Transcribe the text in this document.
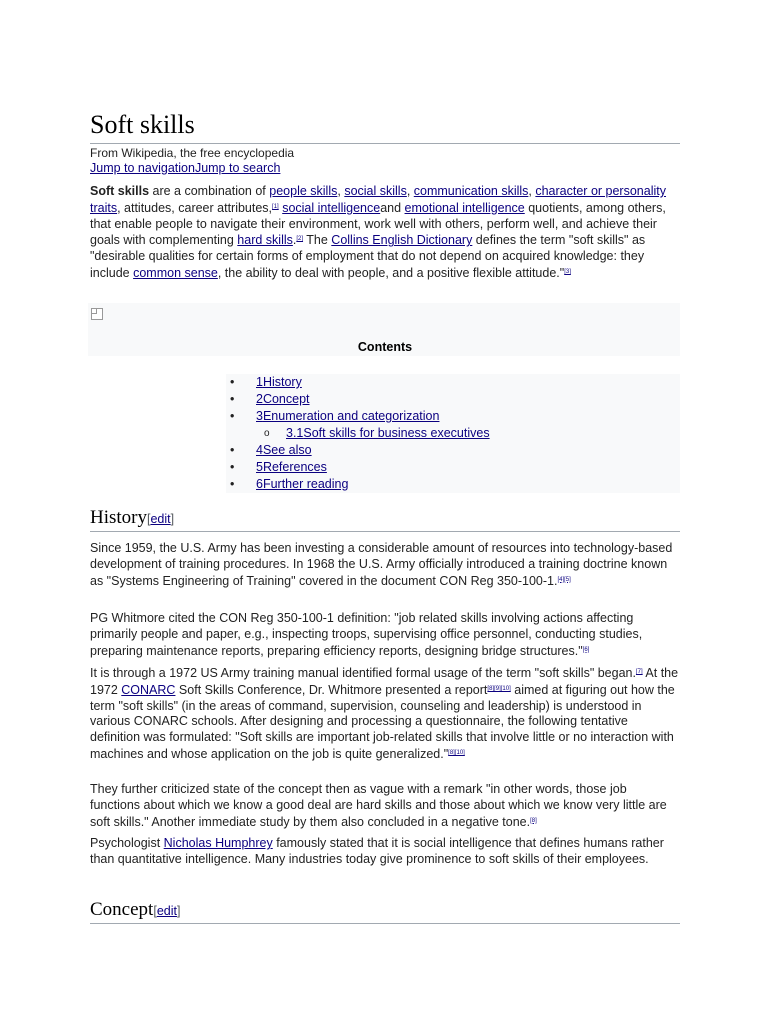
Soft skills
From Wikipedia, the free encyclopedia
Jump to navigationJump to search

Soft skills are a combination of people skills, social skills, communication skills, character or personality traits, attitudes, career attributes,[1] social intelligenceand emotional intelligence quotients, among others, that enable people to navigate their environment, work well with others, perform well, and achieve their goals with complementing hard skills.[2] The Collins English Dictionary defines the term "soft skills" as "desirable qualities for certain forms of employment that do not depend on acquired knowledge: they include common sense, the ability to deal with people, and a positive flexible attitude."[3]

Contents
• 1History
• 2Concept
• 3Enumeration and categorization
o 3.1Soft skills for business executives
• 4See also
• 5References
• 6Further reading
History[edit]

Since 1959, the U.S. Army has been investing a considerable amount of resources into technology-based development of training procedures. In 1968 the U.S. Army officially introduced a training doctrine known as "Systems Engineering of Training" covered in the document CON Reg 350-100-1.[4][5]

PG Whitmore cited the CON Reg 350-100-1 definition: "job related skills involving actions affecting primarily people and paper, e.g., inspecting troops, supervising office personnel, conducting studies, preparing maintenance reports, preparing efficiency reports, designing bridge structures."[6]

It is through a 1972 US Army training manual identified formal usage of the term "soft skills" began.[7] At the 1972 CONARC Soft Skills Conference, Dr. Whitmore presented a report[8][9][10] aimed at figuring out how the term "soft skills" (in the areas of command, supervision, counseling and leadership) is understood in various CONARC schools. After designing and processing a questionnaire, the following tentative definition was formulated: "Soft skills are important job-related skills that involve little or no interaction with machines and whose application on the job is quite generalized."[8][10]

They further criticized state of the concept then as vague with a remark "in other words, those job functions about which we know a good deal are hard skills and those about which we know very little are soft skills." Another immediate study by them also concluded in a negative tone.[8]

Psychologist Nicholas Humphrey famously stated that it is social intelligence that defines humans rather than quantitative intelligence. Many industries today give prominence to soft skills of their employees.

Concept[edit]
